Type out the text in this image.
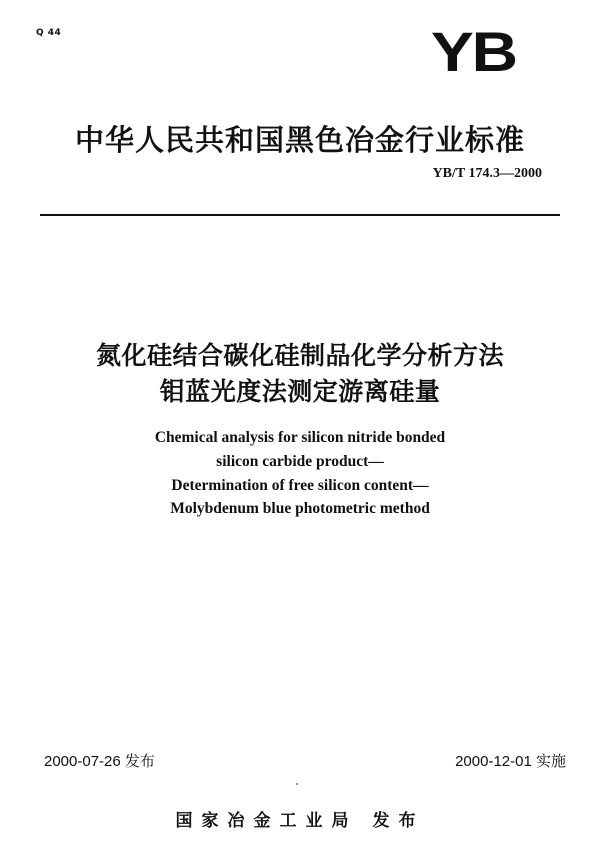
Q 44	YB
中华人民共和国黑色冶金行业标准
YB/T 174.3—2000
氮化硅结合碳化硅制品化学分析方法
钼蓝光度法测定游离硅量
Chemical analysis for silicon nitride bonded
silicon carbide product—
Determination of free silicon content—
Molybdenum blue photometric method
2000-07-26 发布	2000-12-01 实施
国家冶金工业局 发布
